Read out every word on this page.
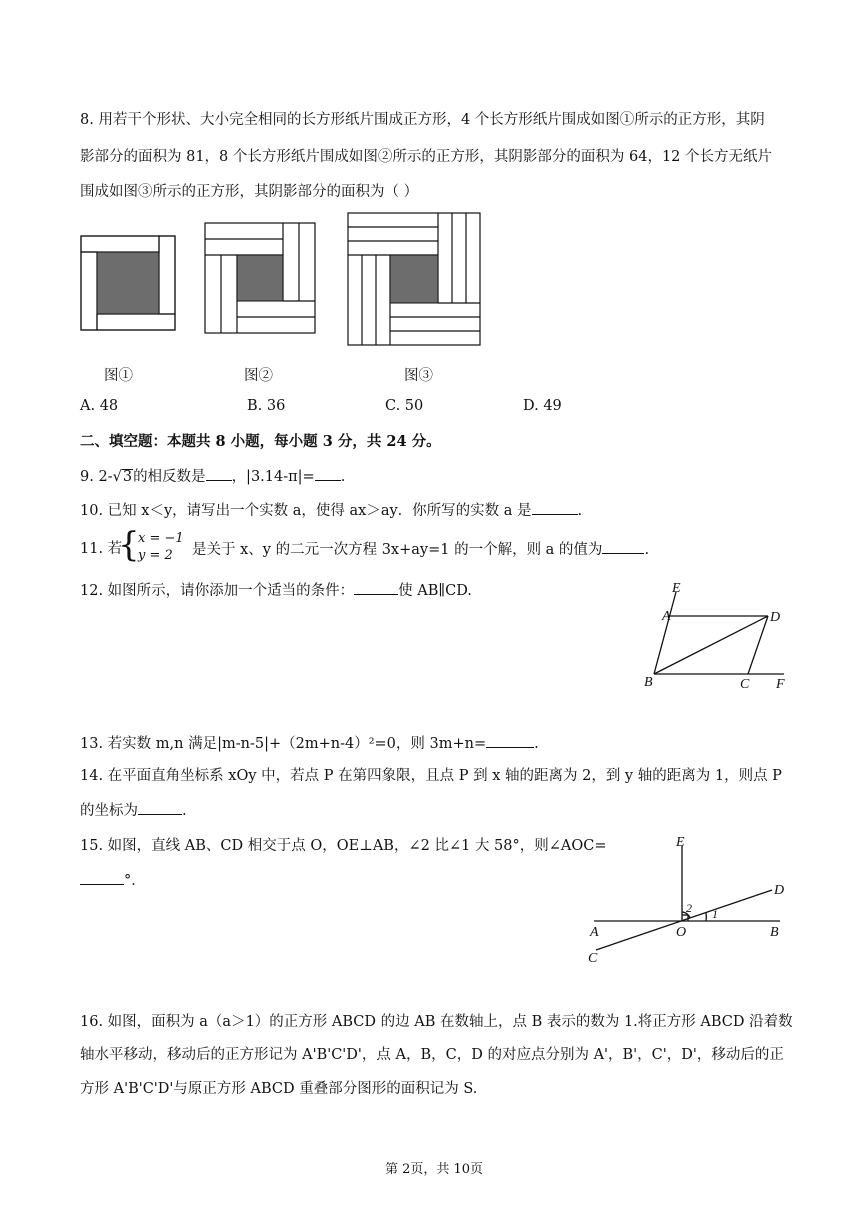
8. 用若干个形状、大小完全相同的长方形纸片围成正方形，4 个长方形纸片围成如图①所示的正方形，其阴
影部分的面积为 81，8 个长方形纸片围成如图②所示的正方形，其阴影部分的面积为 64，12 个长方无纸片
围成如图③所示的正方形，其阴影部分的面积为（ ）
图①	图②	图③
A. 48	B. 36	C. 50	D. 49
二、填空题：本题共 8 小题，每小题 3 分，共 24 分。
9. 2-√3的相反数是 ，|3.14-π|= .
10. 已知 x＜y，请写出一个实数 a，使得 ax＞ay．你所写的实数 a 是	.
11. 若
{
x = −1
y = 2 是关于 x、y 的二元一次方程 3x+ay=1 的一个解，则 a 的值为	.
12. 如图所示，请你添加一个适当的条件：	使 AB∥CD.	E
A	D
B	C F
13. 若实数 m,n 满足|m-n-5|+（2m+n-4）²=0，则 3m+n=	.
14. 在平面直角坐标系 xOy 中，若点 P 在第四象限，且点 P 到 x 轴的距离为 2，到 y 轴的距离为 1，则点 P
的坐标为	.
15. 如图，直线 AB、CD 相交于点 O，OE⊥AB，∠2 比∠1 大 58°，则∠AOC=
°．
E
D
A	O	B
C
2 1
16. 如图，面积为 a（a＞1）的正方形 ABCD 的边 AB 在数轴上，点 B 表示的数为 1.将正方形 ABCD 沿着数
轴水平移动，移动后的正方形记为 A'B'C'D'，点 A，B，C，D 的对应点分别为 A'，B'，C'，D'，移动后的正
方形 A'B'C'D'与原正方形 ABCD 重叠部分图形的面积记为 S.
第 2页，共 10页
